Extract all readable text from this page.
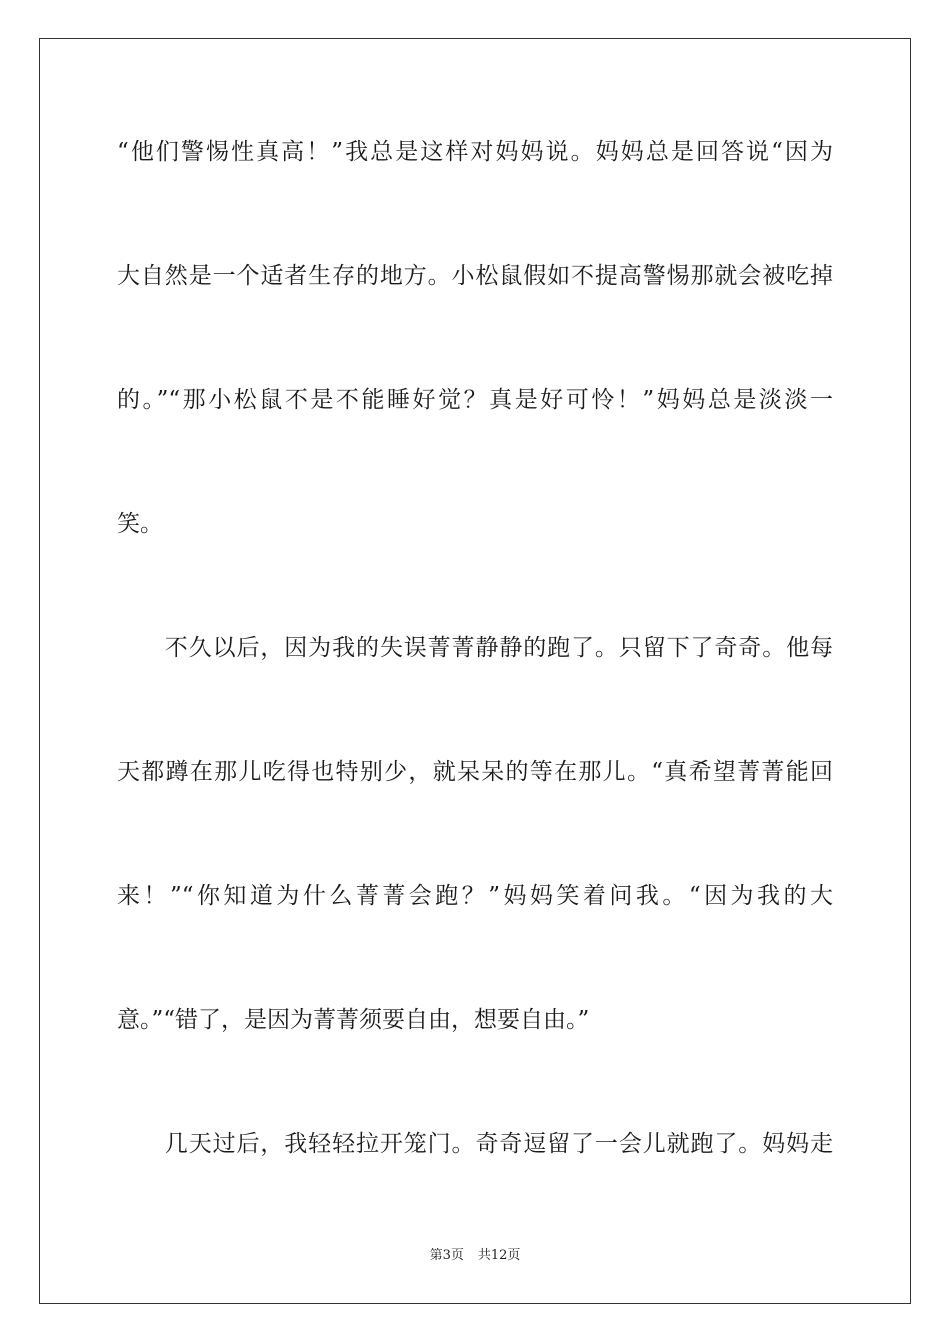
“他们警惕性真高！”我总是这样对妈妈说。妈妈总是回答说“因为
大自然是一个适者生存的地方。小松鼠假如不提高警惕那就会被吃掉
的。”“那小松鼠不是不能睡好觉？真是好可怜！”妈妈总是淡淡一
笑。
　　不久以后，因为我的失误菁菁静静的跑了。只留下了奇奇。他每
天都蹲在那儿吃得也特别少，就呆呆的等在那儿。“真希望菁菁能回
来！”“你知道为什么菁菁会跑？”妈妈笑着问我。“因为我的大
意。”“错了，是因为菁菁须要自由，想要自由。”
　　几天过后，我轻轻拉开笼门。奇奇逗留了一会儿就跑了。妈妈走
第3页 共12页
